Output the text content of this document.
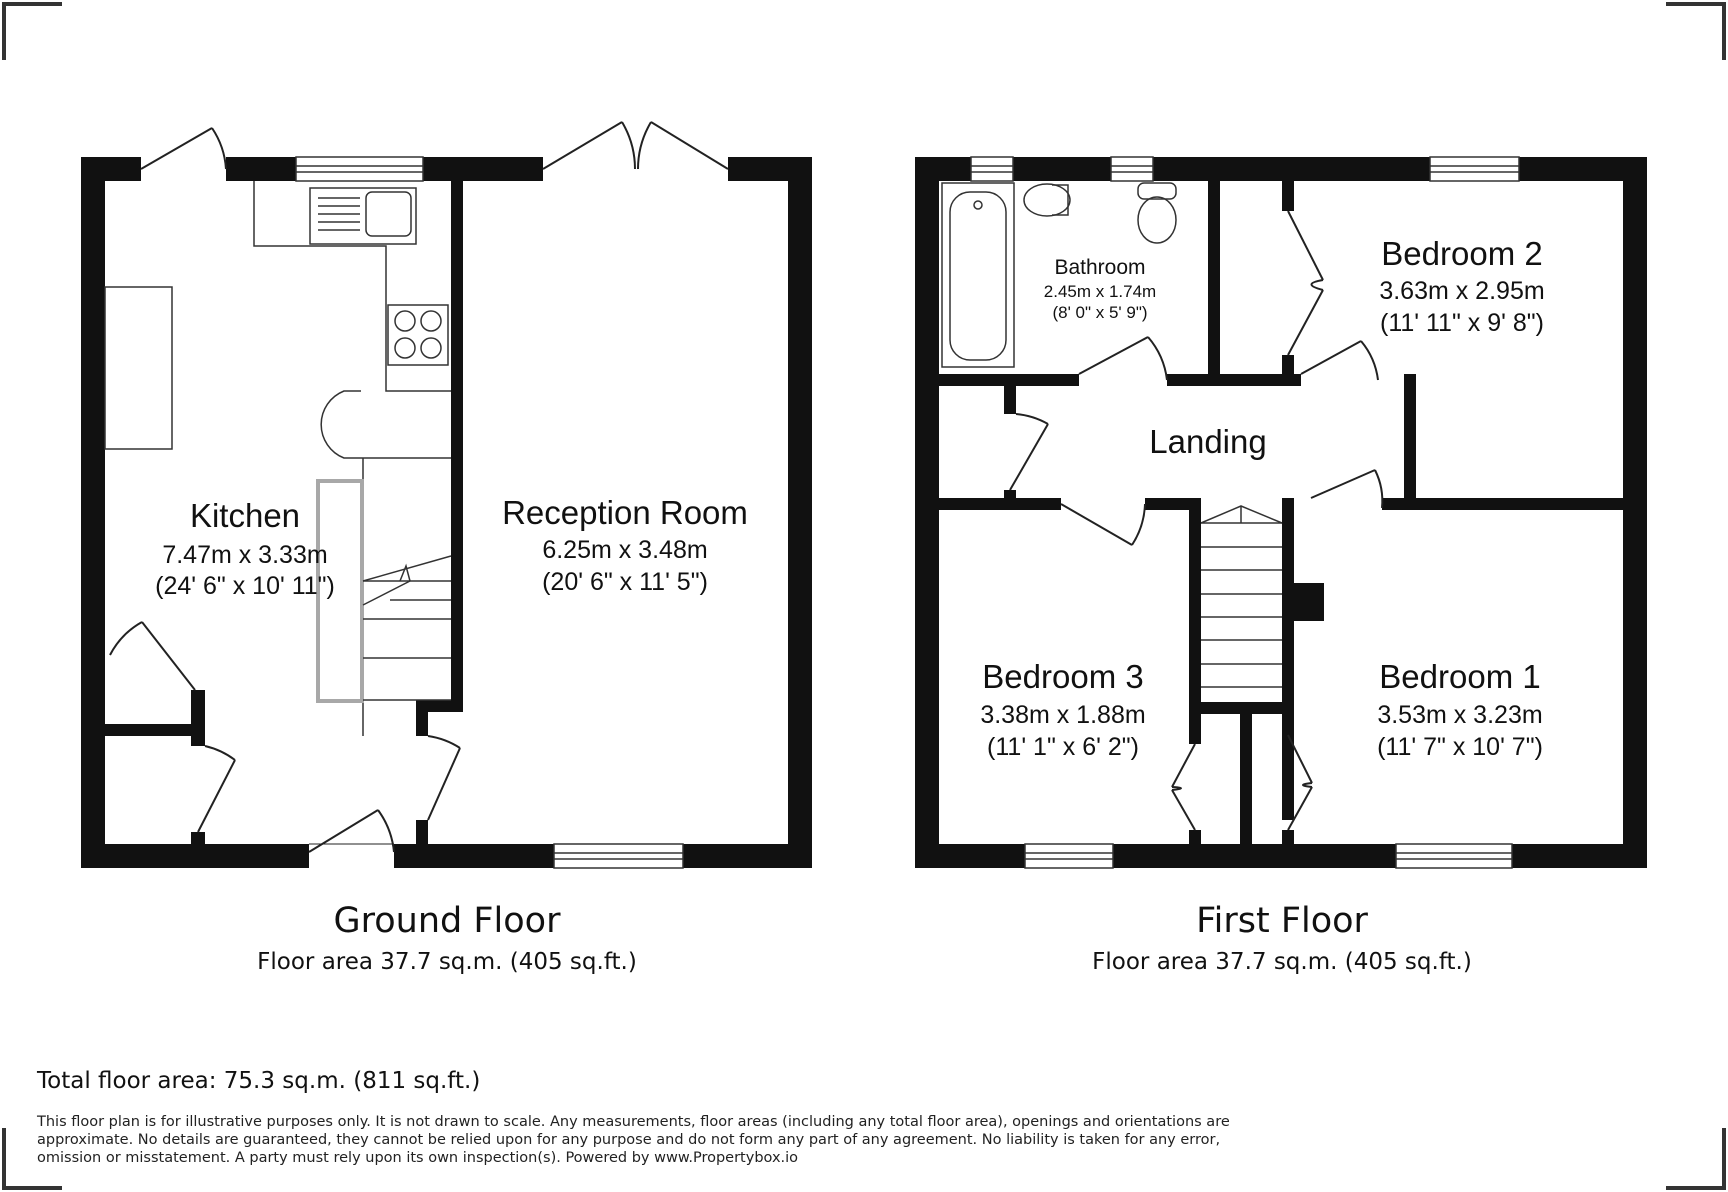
Kitchen
7.47m x 3.33m
(24' 6" x 10' 11")
Reception Room
6.25m x 3.48m
(20' 6" x 11' 5")
Ground Floor
Floor area 37.7 sq.m. (405 sq.ft.)
Bathroom
2.45m x 1.74m
(8' 0" x 5' 9")
Bedroom 2
3.63m x 2.95m
(11' 11" x 9' 8")
Landing
Bedroom 3
3.38m x 1.88m
(11' 1" x 6' 2")
Bedroom 1
3.53m x 3.23m
(11' 7" x 10' 7")
First Floor
Floor area 37.7 sq.m. (405 sq.ft.)
Total floor area: 75.3 sq.m. (811 sq.ft.)
This floor plan is for illustrative purposes only. It is not drawn to scale. Any measurements, floor areas (including any total floor area), openings and orientations are approximate. No details are guaranteed, they cannot be relied upon for any purpose and do not form any part of any agreement. No liability is taken for any error, omission or misstatement. A party must rely upon its own inspection(s). Powered by www.Propertybox.io
